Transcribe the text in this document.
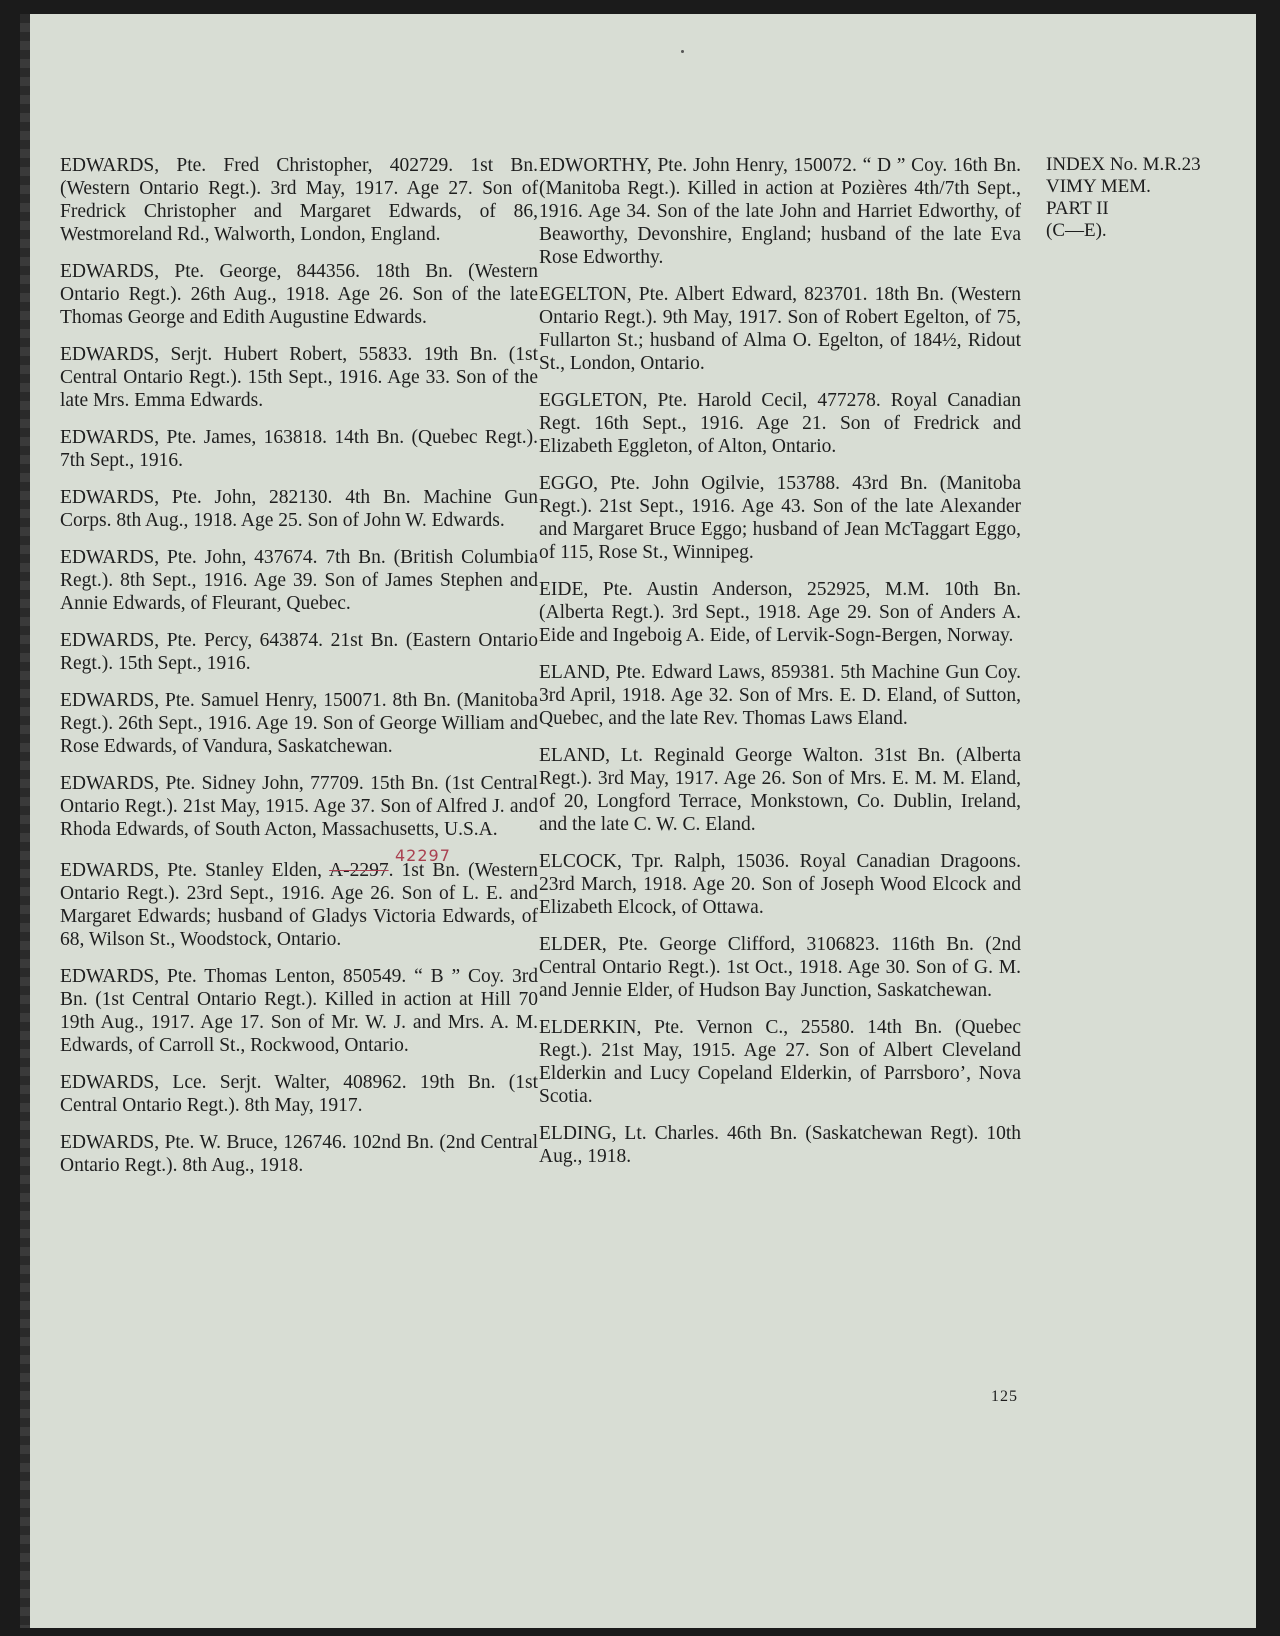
EDWARDS, Pte. Fred Christopher, 402729. 1st Bn. (Western Ontario Regt.). 3rd May, 1917. Age 27. Son of Fredrick Christopher and Margaret Edwards, of 86, Westmoreland Rd., Walworth, London, England.

EDWARDS, Pte. George, 844356. 18th Bn. (Western Ontario Regt.). 26th Aug., 1918. Age 26. Son of the late Thomas George and Edith Augustine Edwards.

EDWARDS, Serjt. Hubert Robert, 55833. 19th Bn. (1st Central Ontario Regt.). 15th Sept., 1916. Age 33. Son of the late Mrs. Emma Edwards.

EDWARDS, Pte. James, 163818. 14th Bn. (Quebec Regt.). 7th Sept., 1916.

EDWARDS, Pte. John, 282130. 4th Bn. Machine Gun Corps. 8th Aug., 1918. Age 25. Son of John W. Edwards.

EDWARDS, Pte. John, 437674. 7th Bn. (British Columbia Regt.). 8th Sept., 1916. Age 39. Son of James Stephen and Annie Edwards, of Fleurant, Quebec.

EDWARDS, Pte. Percy, 643874. 21st Bn. (Eastern Ontario Regt.). 15th Sept., 1916.

EDWARDS, Pte. Samuel Henry, 150071. 8th Bn. (Manitoba Regt.). 26th Sept., 1916. Age 19. Son of George William and Rose Edwards, of Vandura, Saskatchewan.

EDWARDS, Pte. Sidney John, 77709. 15th Bn. (1st Central Ontario Regt.). 21st May, 1915. Age 37. Son of Alfred J. and Rhoda Edwards, of South Acton, Massachusetts, U.S.A.

EDWARDS, Pte. Stanley Elden, A-2297. 1st Bn. (Western Ontario Regt.). 23rd Sept., 1916. Age 26. Son of L. E. and Margaret Edwards; husband of Gladys Victoria Edwards, of 68, Wilson St., Woodstock, Ontario.

EDWARDS, Pte. Thomas Lenton, 850549. “ B ” Coy. 3rd Bn. (1st Central Ontario Regt.). Killed in action at Hill 70 19th Aug., 1917. Age 17. Son of Mr. W. J. and Mrs. A. M. Edwards, of Carroll St., Rockwood, Ontario.

EDWARDS, Lce. Serjt. Walter, 408962. 19th Bn. (1st Central Ontario Regt.). 8th May, 1917.

EDWARDS, Pte. W. Bruce, 126746. 102nd Bn. (2nd Central Ontario Regt.). 8th Aug., 1918.

42297

EDWORTHY, Pte. John Henry, 150072. “ D ” Coy. 16th Bn. (Manitoba Regt.). Killed in action at Pozières 4th/7th Sept., 1916. Age 34. Son of the late John and Harriet Edworthy, of Beaworthy, Devonshire, England; husband of the late Eva Rose Edworthy.

EGELTON, Pte. Albert Edward, 823701. 18th Bn. (Western Ontario Regt.). 9th May, 1917. Son of Robert Egelton, of 75, Fullarton St.; husband of Alma O. Egelton, of 184½, Ridout St., London, Ontario.

EGGLETON, Pte. Harold Cecil, 477278. Royal Canadian Regt. 16th Sept., 1916. Age 21. Son of Fredrick and Elizabeth Eggleton, of Alton, Ontario.

EGGO, Pte. John Ogilvie, 153788. 43rd Bn. (Manitoba Regt.). 21st Sept., 1916. Age 43. Son of the late Alexander and Margaret Bruce Eggo; husband of Jean McTaggart Eggo, of 115, Rose St., Winnipeg.

EIDE, Pte. Austin Anderson, 252925, M.M. 10th Bn. (Alberta Regt.). 3rd Sept., 1918. Age 29. Son of Anders A. Eide and Ingeboig A. Eide, of Lervik-Sogn-Bergen, Norway.

ELAND, Pte. Edward Laws, 859381. 5th Machine Gun Coy. 3rd April, 1918. Age 32. Son of Mrs. E. D. Eland, of Sutton, Quebec, and the late Rev. Thomas Laws Eland.

ELAND, Lt. Reginald George Walton. 31st Bn. (Alberta Regt.). 3rd May, 1917. Age 26. Son of Mrs. E. M. M. Eland, of 20, Longford Terrace, Monkstown, Co. Dublin, Ireland, and the late C. W. C. Eland.

ELCOCK, Tpr. Ralph, 15036. Royal Canadian Dragoons. 23rd March, 1918. Age 20. Son of Joseph Wood Elcock and Elizabeth Elcock, of Ottawa.

ELDER, Pte. George Clifford, 3106823. 116th Bn. (2nd Central Ontario Regt.). 1st Oct., 1918. Age 30. Son of G. M. and Jennie Elder, of Hudson Bay Junction, Saskatchewan.

ELDERKIN, Pte. Vernon C., 25580. 14th Bn. (Quebec Regt.). 21st May, 1915. Age 27. Son of Albert Cleveland Elderkin and Lucy Copeland Elderkin, of Parrsboro’, Nova Scotia.

ELDING, Lt. Charles. 46th Bn. (Saskatchewan Regt). 10th Aug., 1918.

INDEX No. M.R.23
VIMY MEM.
PART II
(C—E).
125
